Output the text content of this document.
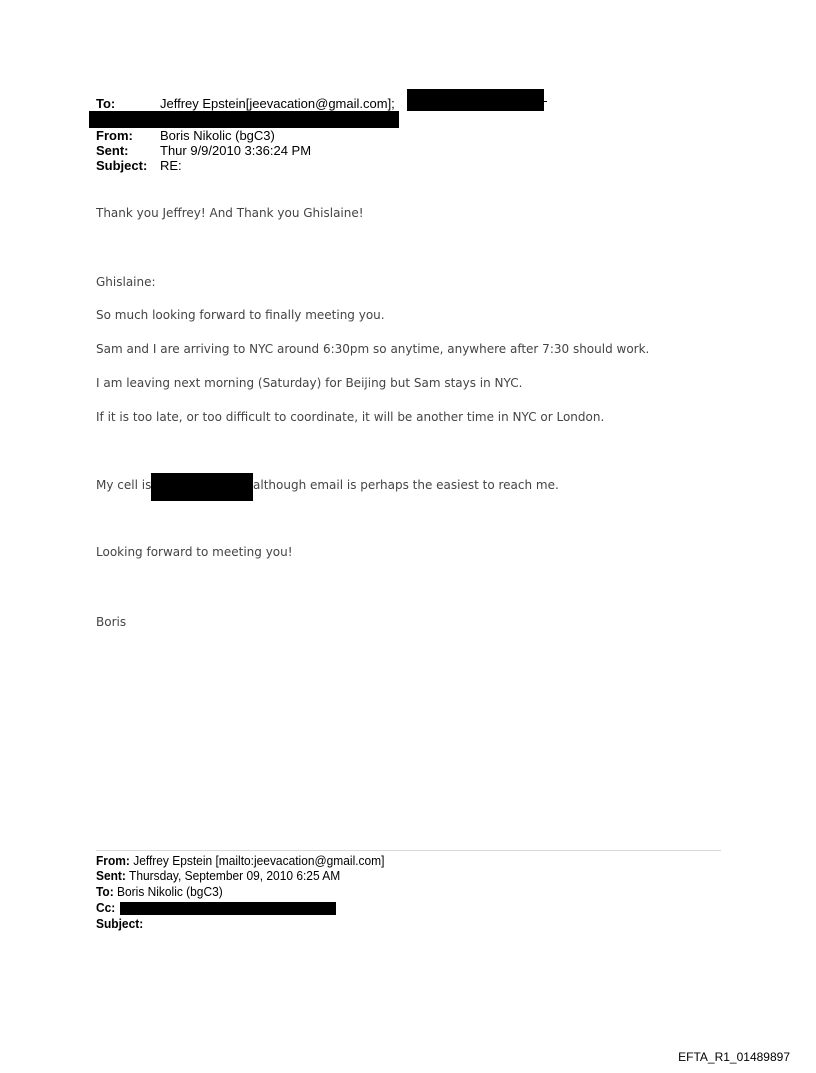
To:	Jeffrey Epstein[jeevacation@gmail.com];
From: Boris Nikolic (bgC3)
Sent: Thur 9/9/2010 3:36:24 PM
Subject: RE:
Thank you Jeffrey! And Thank you Ghislaine!
Ghislaine:
So much looking forward to finally meeting you.
Sam and I are arriving to NYC around 6:30pm so anytime, anywhere after 7:30 should work.
I am leaving next morning (Saturday) for Beijing but Sam stays in NYC.
If it is too late, or too difficult to coordinate, it will be another time in NYC or London.
My cell is	although email is perhaps the easiest to reach me.
Looking forward to meeting you!
Boris
From: Jeffrey Epstein [mailto:jeevacation@gmail.com]
Sent: Thursday, September 09, 2010 6:25 AM
To: Boris Nikolic (bgC3)
Cc:
Subject:
EFTA_R1_01489897
